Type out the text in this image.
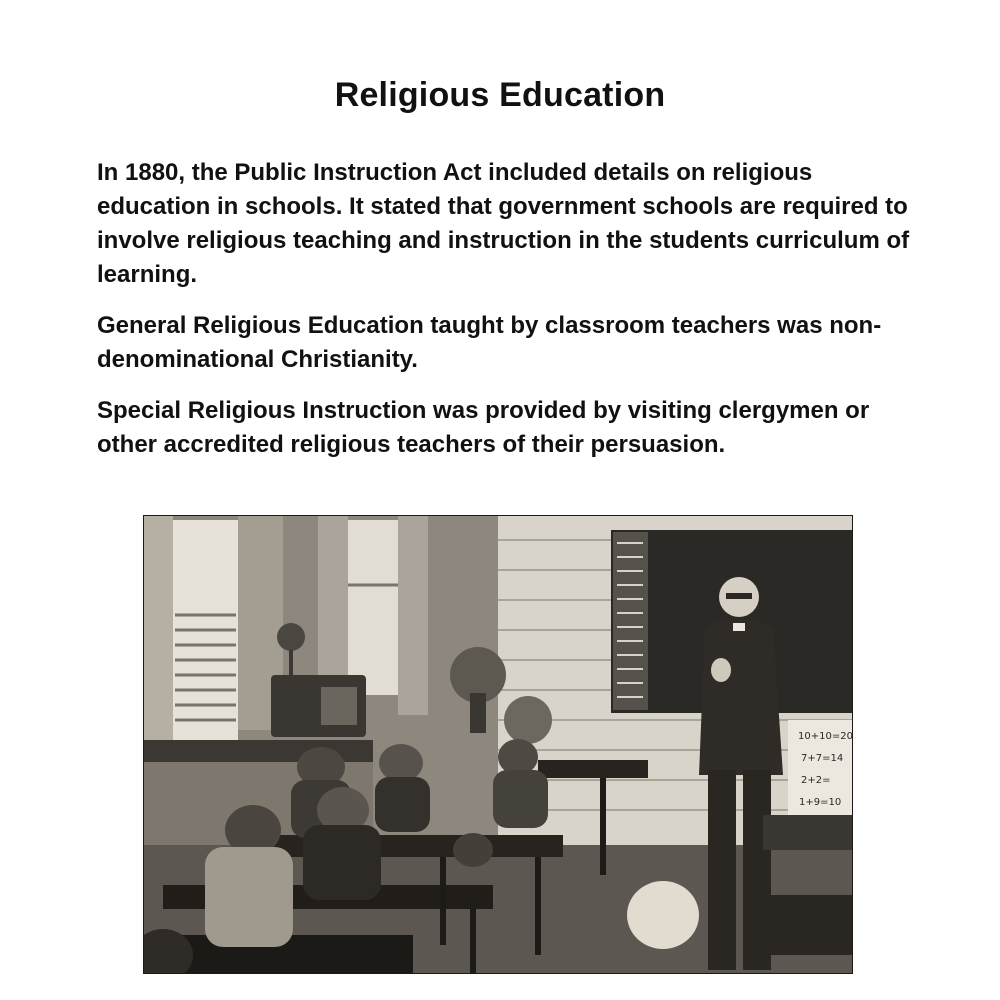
Religious Education

In 1880, the Public Instruction Act included details on religious education in schools. It stated that government schools are required to involve religious teaching and instruction in the students curriculum of learning.

General Religious Education taught by classroom teachers was non-denominational Christianity.

Special Religious Instruction was provided by visiting clergymen or other accredited religious teachers of their persuasion.

10+10=20
7+7=14
2+2=
1+9=10
